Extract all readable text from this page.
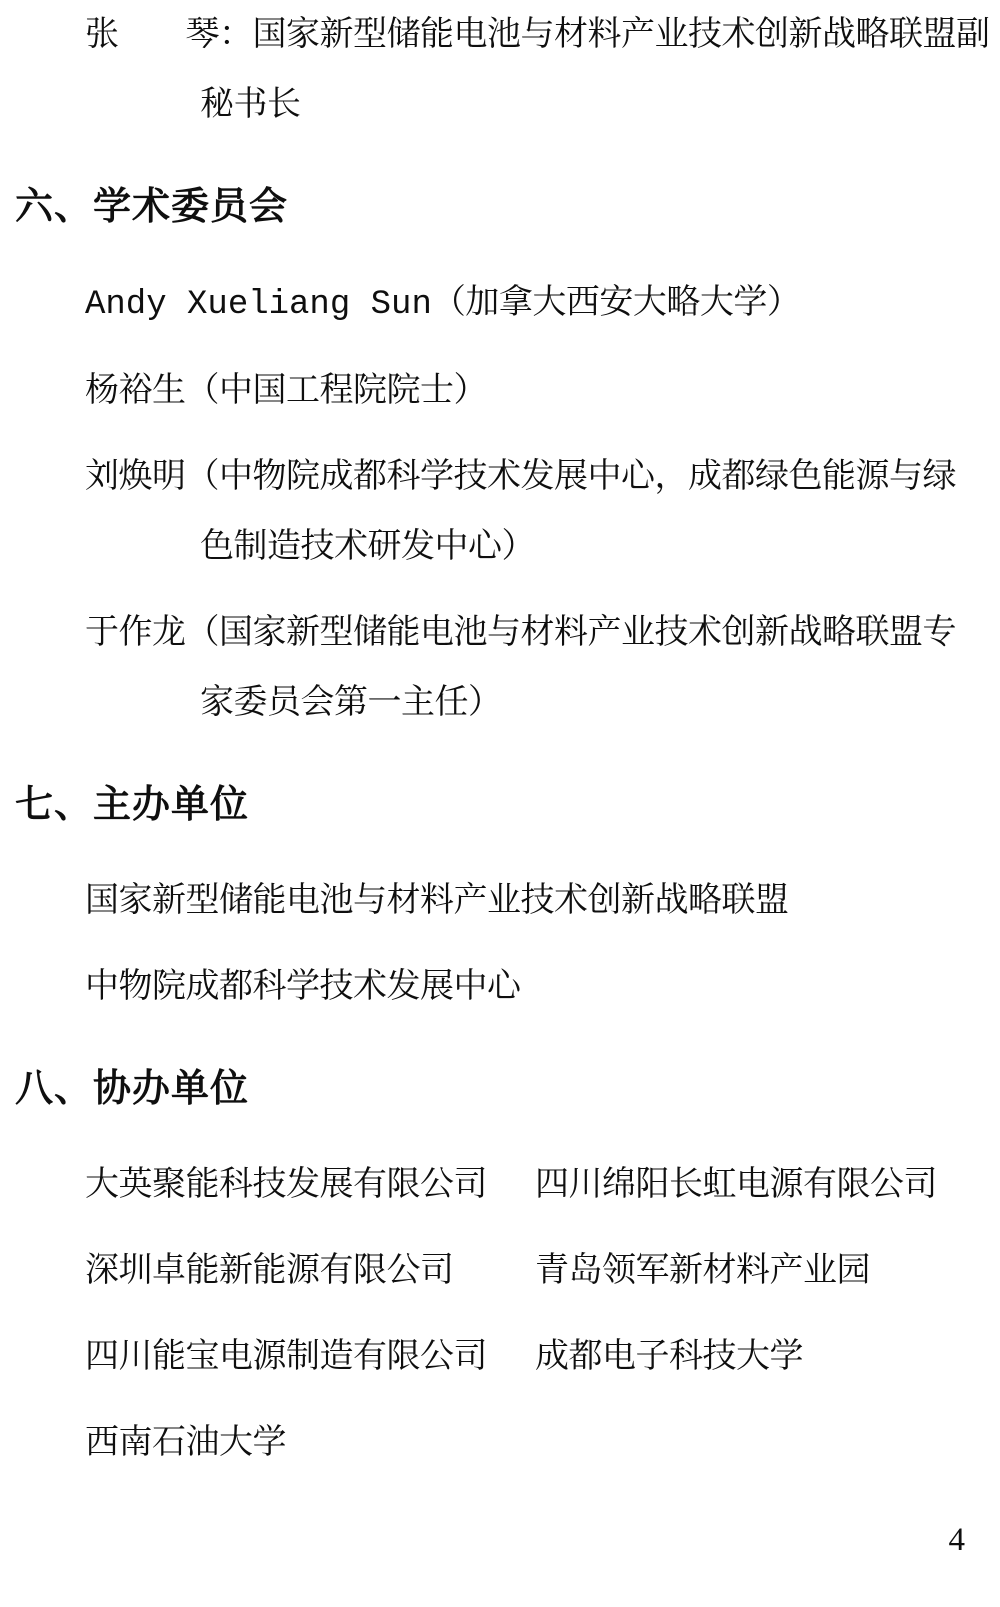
张　　琴：国家新型储能电池与材料产业技术创新战略联盟副
秘书长
六、学术委员会
Andy Xueliang Sun（加拿大西安大略大学）
杨裕生（中国工程院院士）
刘焕明（中物院成都科学技术发展中心，成都绿色能源与绿
色制造技术研发中心）
于作龙（国家新型储能电池与材料产业技术创新战略联盟专
家委员会第一主任）
七、主办单位
国家新型储能电池与材料产业技术创新战略联盟
中物院成都科学技术发展中心
八、协办单位
大英聚能科技发展有限公司	四川绵阳长虹电源有限公司
深圳卓能新能源有限公司	青岛领军新材料产业园
四川能宝电源制造有限公司	成都电子科技大学
西南石油大学
4
